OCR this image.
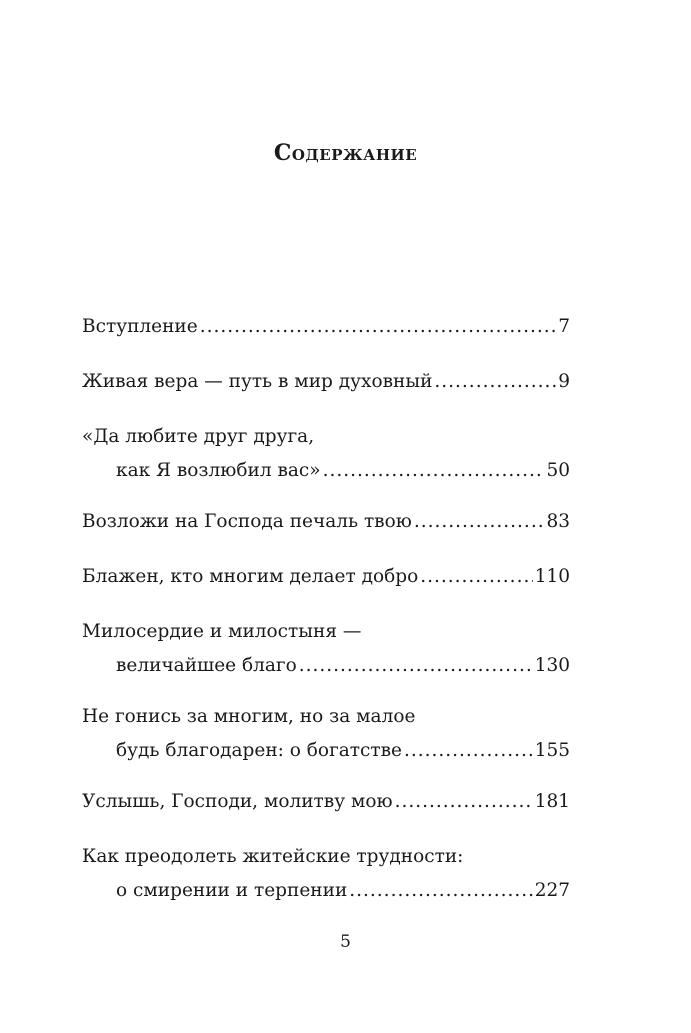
Содержание
Вступление .....	7
Живая вера — путь в мир духовный .....	9
«Да любите друг друга,
как Я возлюбил вас» .....	50
Возложи на Господа печаль твою .....	83
Блажен, кто многим делает добро .....	110
Милосердие и милостыня —
величайшее благо .....	130
Не гонись за многим, но за малое
будь благодарен: о богатстве .....	155
Услышь, Господи, молитву мою .....	181
Как преодолеть житейские трудности:
о смирении и терпении .....	227
5
